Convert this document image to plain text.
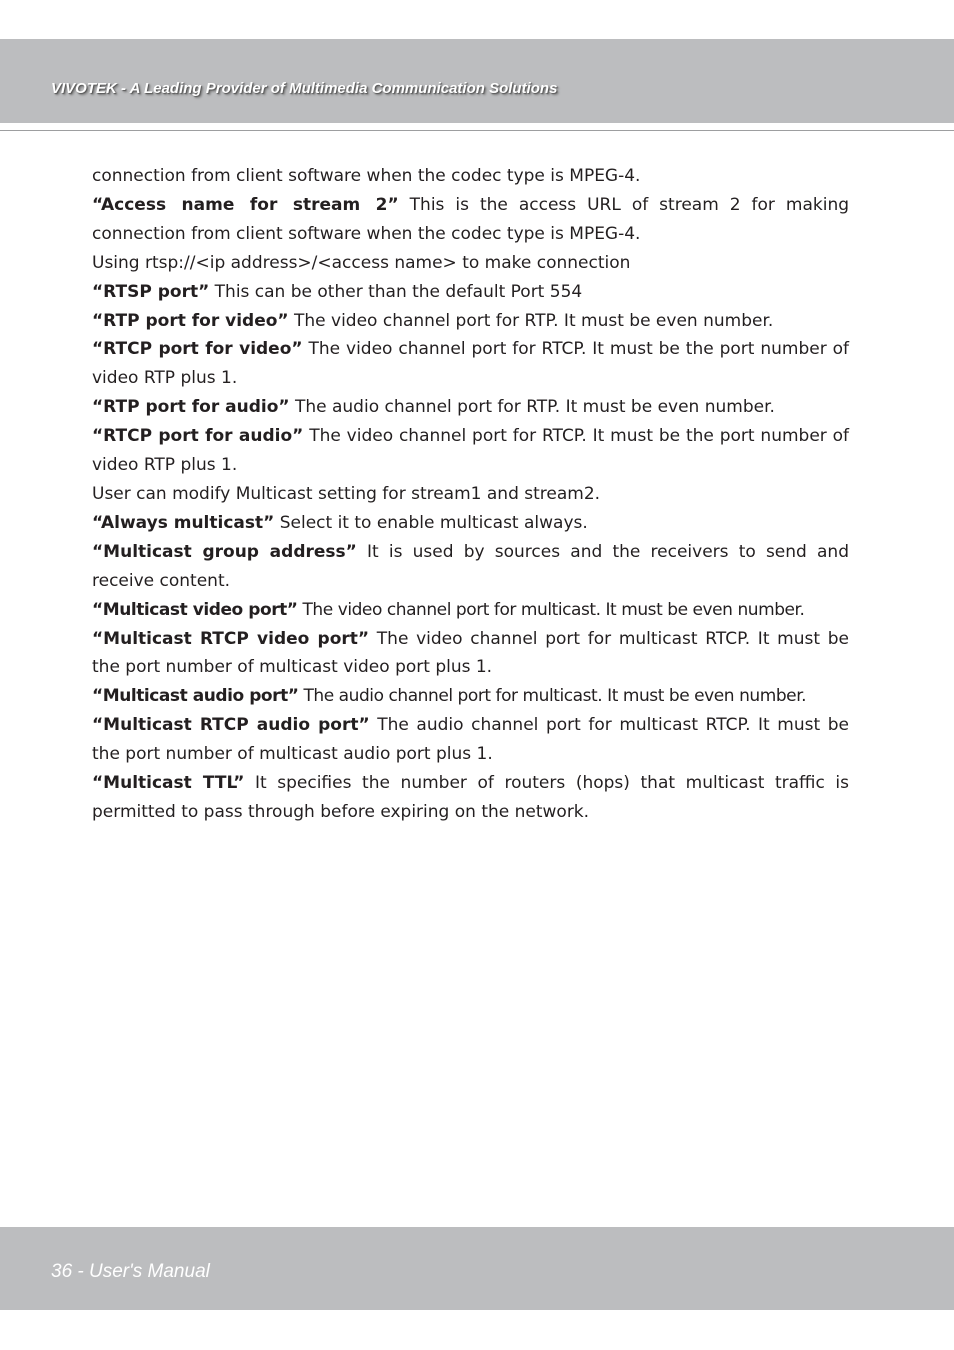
VIVOTEK - A Leading Provider of Multimedia Communication Solutions

connection from client software when the codec type is MPEG-4.

“Access name for stream 2” This is the access URL of stream 2 for making connection from client software when the codec type is MPEG-4.

Using rtsp://<ip address>/<access name> to make connection

“RTSP port” This can be other than the default Port 554

“RTP port for video” The video channel port for RTP. It must be even number.

“RTCP port for video” The video channel port for RTCP. It must be the port number of video RTP plus 1.

“RTP port for audio” The audio channel port for RTP. It must be even number.

“RTCP port for audio” The video channel port for RTCP. It must be the port number of video RTP plus 1.

User can modify Multicast setting for stream1 and stream2.

“Always multicast” Select it to enable multicast always.

“Multicast group address” It is used by sources and the receivers to send and receive content.

“Multicast video port” The video channel port for multicast. It must be even number.

“Multicast RTCP video port” The video channel port for multicast RTCP. It must be the port number of multicast video port plus 1.

“Multicast audio port” The audio channel port for multicast. It must be even number.

“Multicast RTCP audio port” The audio channel port for multicast RTCP. It must be the port number of multicast audio port plus 1.

“Multicast TTL” It specifies the number of routers (hops) that multicast traffic is permitted to pass through before expiring on the network.

36 - User's Manual
